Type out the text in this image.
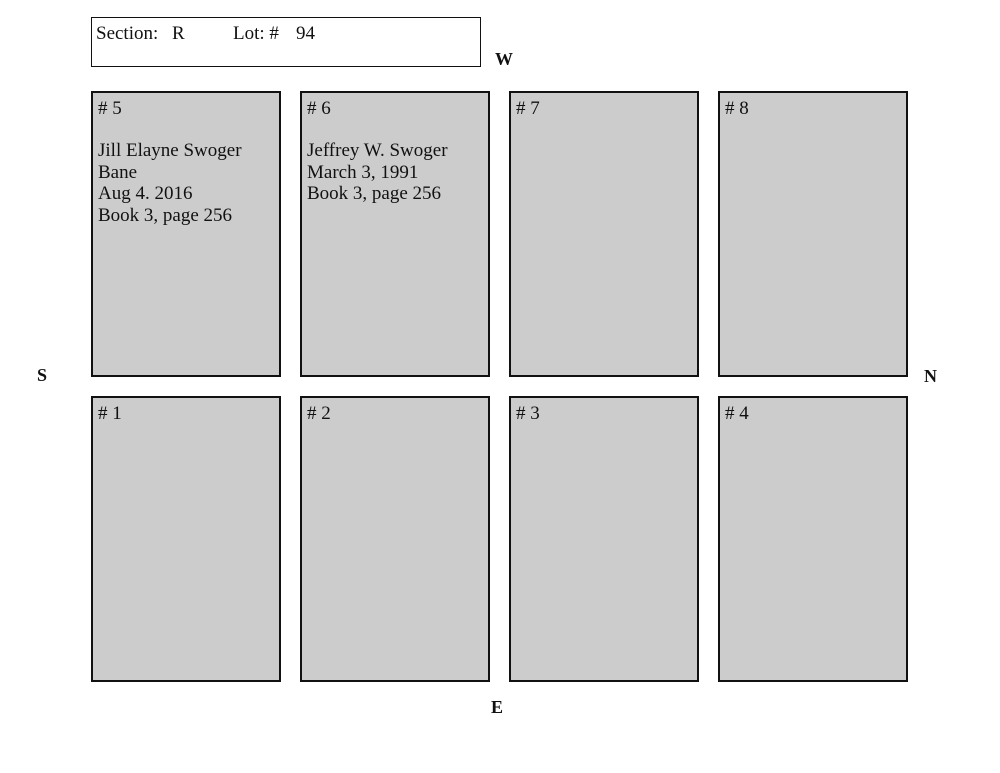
Section: R	Lot: # 94
W
E
S	N
# 5
Jill Elayne Swoger
Bane
Aug 4. 2016
Book 3, page 256
# 6
Jeffrey W. Swoger
March 3, 1991
Book 3, page 256
# 7	# 8
# 1	# 2	# 3	# 4
